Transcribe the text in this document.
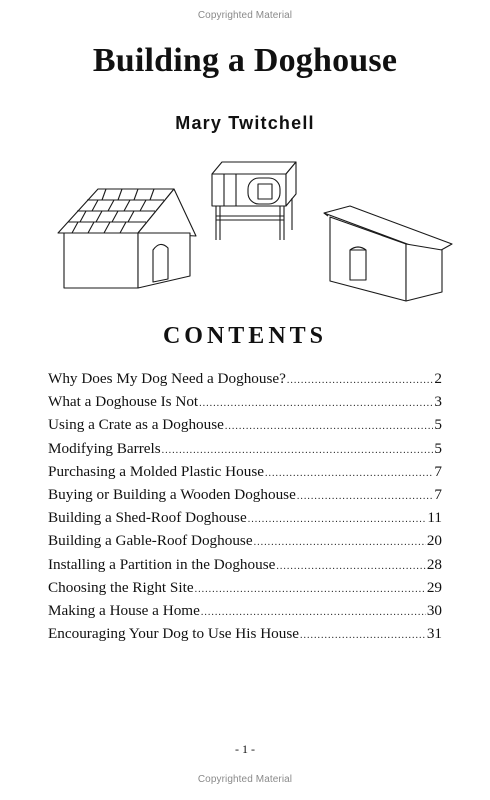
Copyrighted Material
Building a Doghouse
Mary Twitchell
CONTENTS
Why Does My Dog Need a Doghouse? .....	2
What a Doghouse Is Not .....	3
Using a Crate as a Doghouse .....	5
Modifying Barrels .....	5
Purchasing a Molded Plastic House .....	7
Buying or Building a Wooden Doghouse .....	7
Building a Shed-Roof Doghouse .....	11
Building a Gable-Roof Doghouse .....	20
Installing a Partition in the Doghouse .....	28
Choosing the Right Site .....	29
Making a House a Home .....	30
Encouraging Your Dog to Use His House .....	31
- 1 -
Copyrighted Material
